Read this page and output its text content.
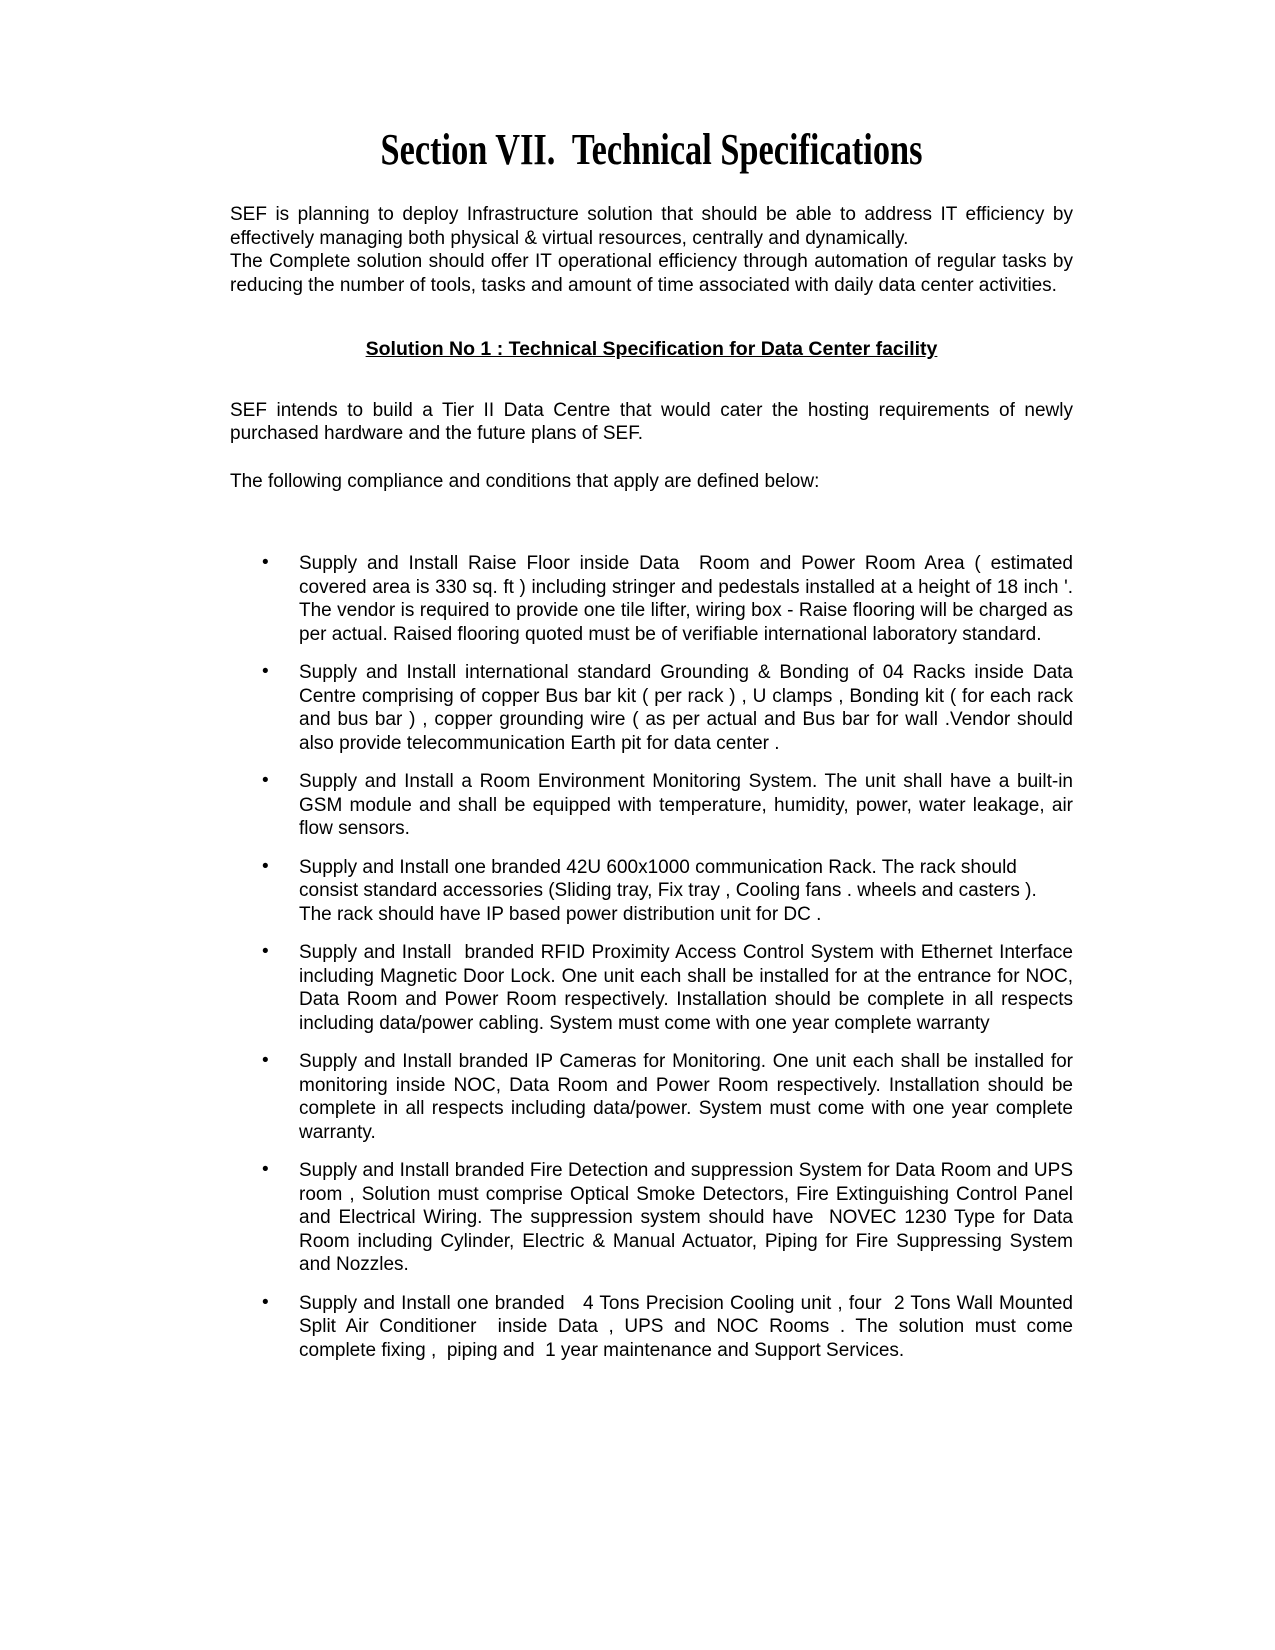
Section VII.  Technical Specifications

SEF is planning to deploy Infrastructure solution that should be able to address IT efficiency by effectively managing both physical & virtual resources, centrally and dynamically.

The Complete solution should offer IT operational efficiency through automation of regular tasks by reducing the number of tools, tasks and amount of time associated with daily data center activities.

Solution No 1 : Technical Specification for Data Center facility

SEF intends to build a Tier II Data Centre that would cater the hosting requirements of newly purchased hardware and the future plans of SEF.

The following compliance and conditions that apply are defined below:

•	Supply and Install Raise Floor inside Data  Room and Power Room Area ( estimated covered area is 330 sq. ft ) including stringer and pedestals installed at a height of 18 inch '. The vendor is required to provide one tile lifter, wiring box - Raise flooring will be charged as per actual. Raised flooring quoted must be of verifiable international laboratory standard.
•	Supply and Install international standard Grounding & Bonding of 04 Racks inside Data Centre comprising of copper Bus bar kit ( per rack ) , U clamps , Bonding kit ( for each rack and bus bar ) , copper grounding wire ( as per actual and Bus bar for wall .Vendor should also provide telecommunication Earth pit for data center .
•	Supply and Install a Room Environment Monitoring System. The unit shall have a built-in GSM module and shall be equipped with temperature, humidity, power, water leakage, air flow sensors.
•	Supply and Install one branded 42U 600x1000 communication Rack. The rack should consist standard accessories (Sliding tray, Fix tray , Cooling fans . wheels and casters ). The rack should have IP based power distribution unit for DC .
•	Supply and Install  branded RFID Proximity Access Control System with Ethernet Interface including Magnetic Door Lock. One unit each shall be installed for at the entrance for NOC, Data Room and Power Room respectively. Installation should be complete in all respects including data/power cabling. System must come with one year complete warranty
•	Supply and Install branded IP Cameras for Monitoring. One unit each shall be installed for monitoring inside NOC, Data Room and Power Room respectively. Installation should be complete in all respects including data/power. System must come with one year complete warranty.
•	Supply and Install branded Fire Detection and suppression System for Data Room and UPS room , Solution must comprise Optical Smoke Detectors, Fire Extinguishing Control Panel and Electrical Wiring. The suppression system should have  NOVEC 1230 Type for Data Room including Cylinder, Electric & Manual Actuator, Piping for Fire Suppressing System and Nozzles.
•	Supply and Install one branded   4 Tons Precision Cooling unit , four  2 Tons Wall Mounted Split Air Conditioner  inside Data , UPS and NOC Rooms . The solution must come complete fixing ,  piping and  1 year maintenance and Support Services.
